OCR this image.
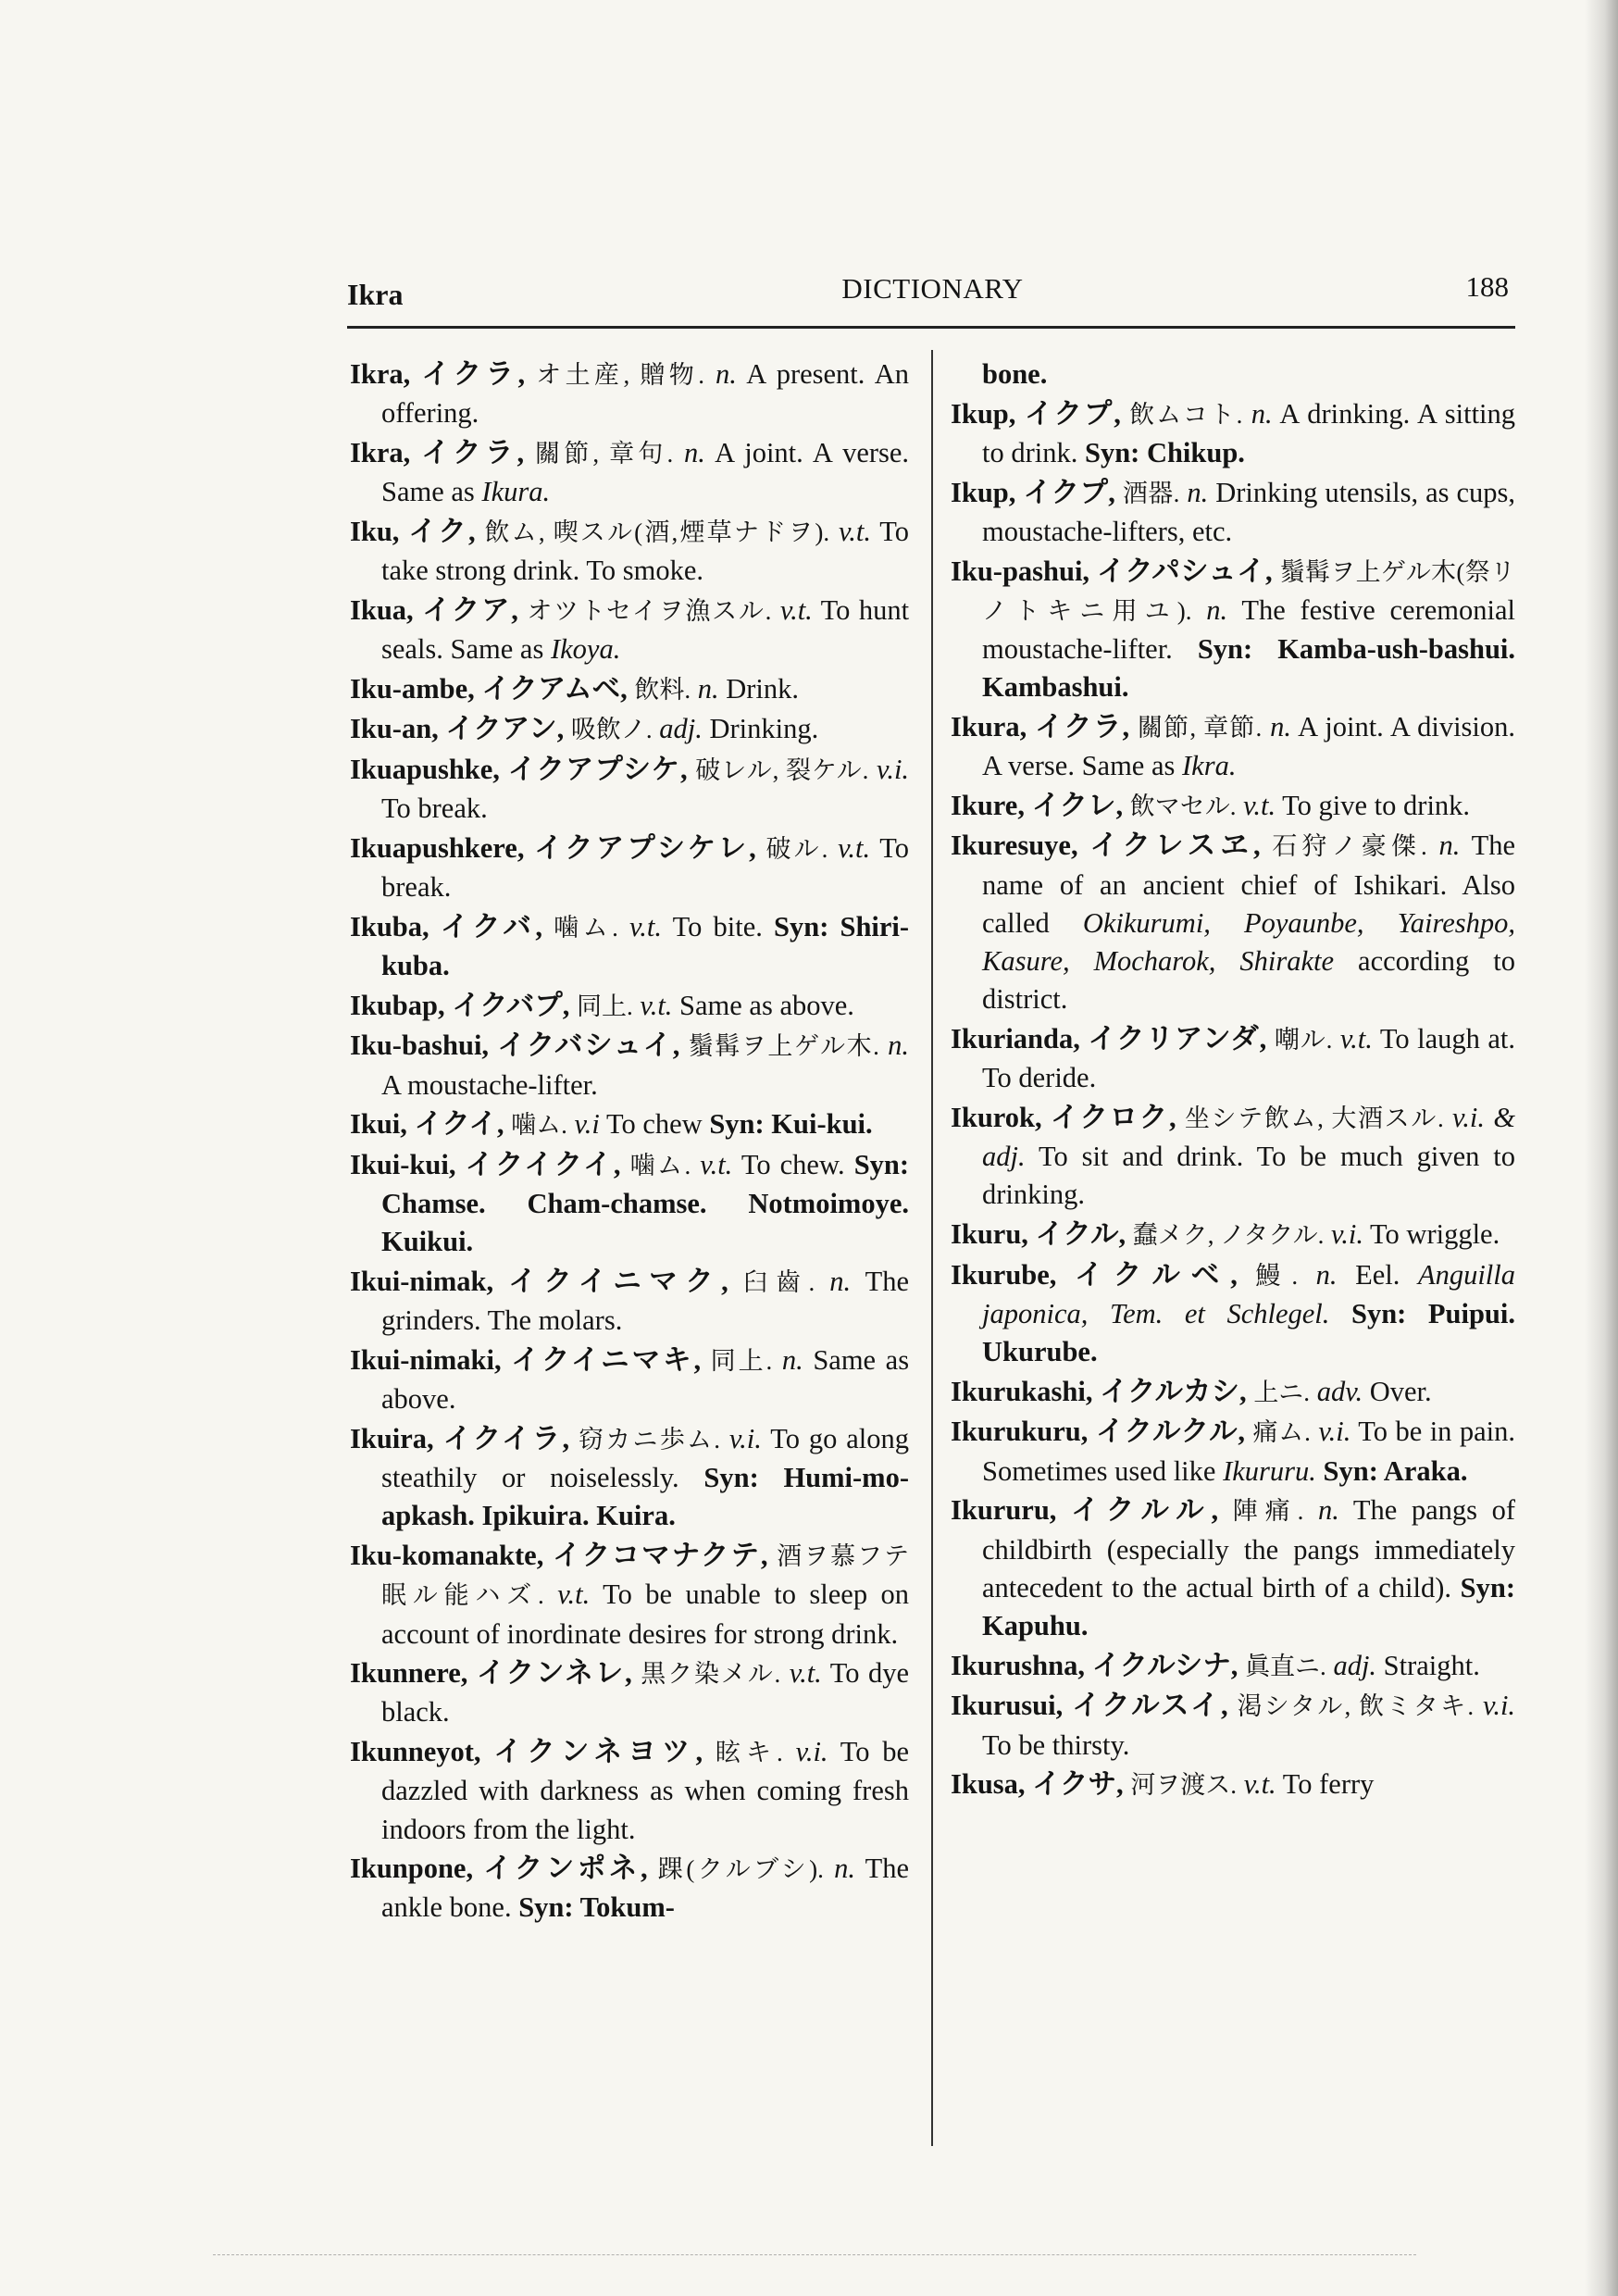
Ikra	DICTIONARY	188

Ikra, イクラ, オ土産, 贈物. n. A present. An offering.

Ikra, イクラ, 關節, 章句. n. A joint. A verse. Same as Ikura.

Iku, イク, 飲ム, 喫スル(酒,煙草ナドヲ). v.t. To take strong drink. To smoke.

Ikua, イクア, オツトセイヲ漁スル. v.t. To hunt seals. Same as Ikoya.

Iku-ambe, イクアムベ, 飲料. n. Drink.

Iku-an, イクアン, 吸飲ノ. adj. Drinking.

Ikuapushke, イクアプシケ, 破レル, 裂ケル. v.i. To break.

Ikuapushkere, イクアプシケレ, 破ル. v.t. To break.

Ikuba, イクバ, 噛ム. v.t. To bite. Syn: Shiri-kuba.

Ikubap, イクバプ, 同上. v.t. Same as above.

Iku-bashui, イクバシュイ, 鬚髯ヲ上ゲル木. n. A moustache-lifter.

Ikui, イクイ, 噛ム. v.i To chew Syn: Kui-kui.

Ikui-kui, イクイクイ, 噛ム. v.t. To chew. Syn: Chamse. Cham-chamse. Notmoimoye. Kuikui.

Ikui-nimak, イクイニマク, 臼齒. n. The grinders. The molars.

Ikui-nimaki, イクイニマキ, 同上. n. Same as above.

Ikuira, イクイラ, 窃カニ歩ム. v.i. To go along steathily or noiselessly. Syn: Humi-mo-apkash. Ipikuira. Kuira.

Iku-komanakte, イクコマナクテ, 酒ヲ慕フテ眠ル能ハズ. v.t. To be unable to sleep on account of inordinate desires for strong drink.

Ikunnere, イクンネレ, 黒ク染メル. v.t. To dye black.

Ikunneyot, イクンネヨツ, 眩キ. v.i. To be dazzled with darkness as when coming fresh indoors from the light.

Ikunpone, イクンポネ, 踝(クルブシ). n. The ankle bone. Syn: Tokum-

bone.

Ikup, イクプ, 飲ムコト. n. A drinking. A sitting to drink. Syn: Chikup.

Ikup, イクプ, 酒器. n. Drinking utensils, as cups, moustache-lifters, etc.

Iku-pashui, イクパシュイ, 鬚髯ヲ上ゲル木(祭リノトキニ用ユ). n. The festive ceremonial moustache-lifter. Syn: Kamba-ush-bashui. Kambashui.

Ikura, イクラ, 關節, 章節. n. A joint. A division. A verse. Same as Ikra.

Ikure, イクレ, 飲マセル. v.t. To give to drink.

Ikuresuye, イクレスヱ, 石狩ノ豪傑. n. The name of an ancient chief of Ishikari. Also called Okikurumi, Poyaunbe, Yaireshpo, Kasure, Mocharok, Shirakte according to district.

Ikurianda, イクリアンダ, 嘲ル. v.t. To laugh at. To deride.

Ikurok, イクロク, 坐シテ飲ム, 大酒スル. v.i. & adj. To sit and drink. To be much given to drinking.

Ikuru, イクル, 蠢メク, ノタクル. v.i. To wriggle.

Ikurube, イクルベ, 鰻. n. Eel. Anguilla japonica, Tem. et Schlegel. Syn: Puipui. Ukurube.

Ikurukashi, イクルカシ, 上ニ. adv. Over.

Ikurukuru, イクルクル, 痛ム. v.i. To be in pain. Sometimes used like Ikururu. Syn: Araka.

Ikururu, イクルル, 陣痛. n. The pangs of childbirth (especially the pangs immediately antecedent to the actual birth of a child). Syn: Kapuhu.

Ikurushna, イクルシナ, 眞直ニ. adj. Straight.

Ikurusui, イクルスイ, 渇シタル, 飲ミタキ. v.i. To be thirsty.

Ikusa, イクサ, 河ヲ渡ス. v.t. To ferry
